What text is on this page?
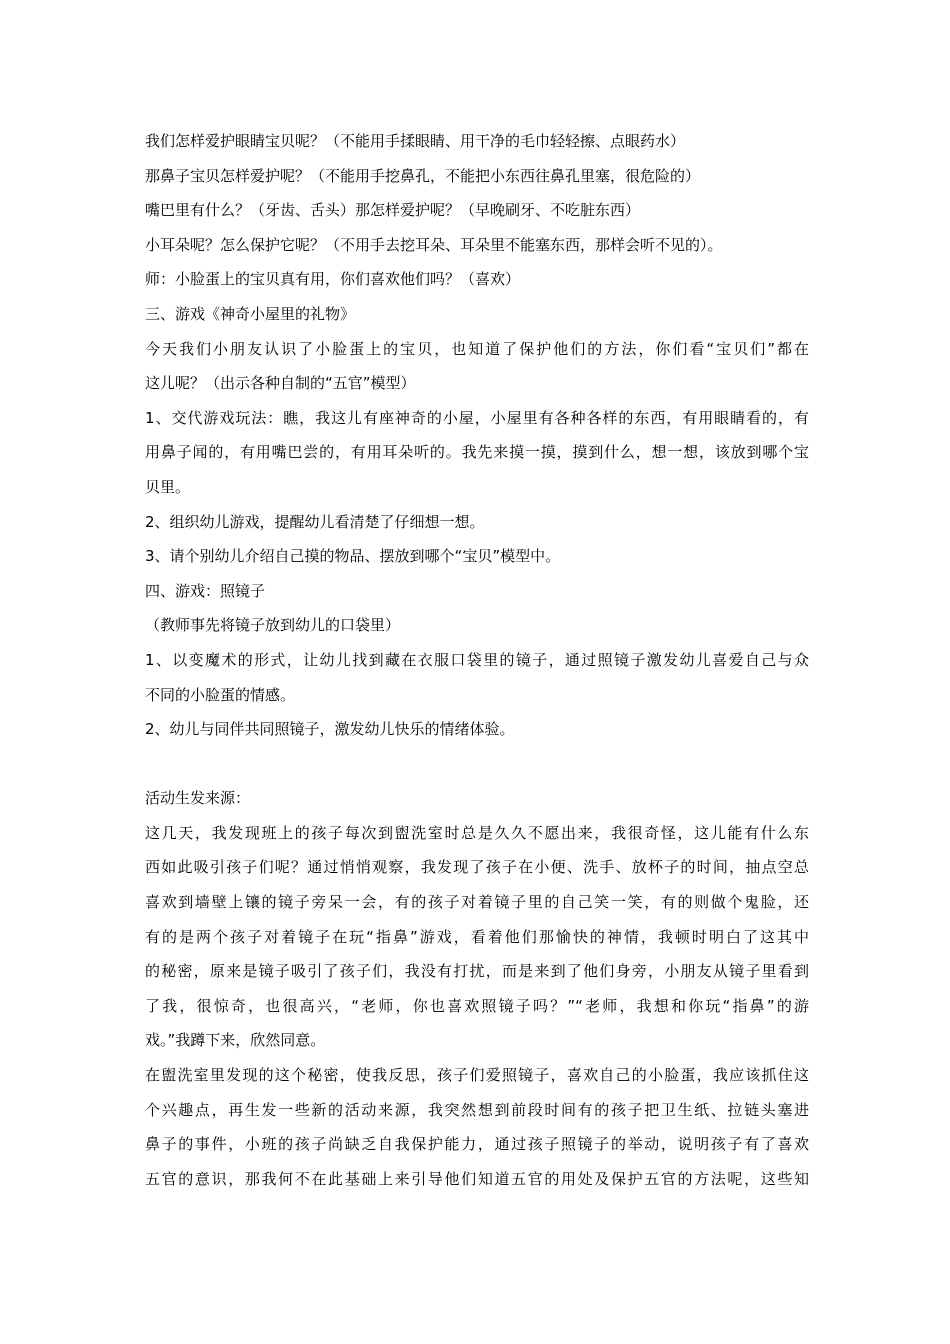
我们怎样爱护眼睛宝贝呢？（不能用手揉眼睛、用干净的毛巾轻轻擦、点眼药水）
那鼻子宝贝怎样爱护呢？（不能用手挖鼻孔，不能把小东西往鼻孔里塞，很危险的）
嘴巴里有什么？（牙齿、舌头）那怎样爱护呢？（早晚刷牙、不吃脏东西）
小耳朵呢？怎么保护它呢？（不用手去挖耳朵、耳朵里不能塞东西，那样会听不见的）。
师：小脸蛋上的宝贝真有用，你们喜欢他们吗？（喜欢）
三、游戏《神奇小屋里的礼物》
今天我们小朋友认识了小脸蛋上的宝贝，也知道了保护他们的方法，你们看“宝贝们”都在
这儿呢？（出示各种自制的“五官”模型）
1、交代游戏玩法：瞧，我这儿有座神奇的小屋，小屋里有各种各样的东西，有用眼睛看的，有
用鼻子闻的，有用嘴巴尝的，有用耳朵听的。我先来摸一摸，摸到什么，想一想，该放到哪个宝
贝里。
2、组织幼儿游戏，提醒幼儿看清楚了仔细想一想。
3、请个别幼儿介绍自己摸的物品、摆放到哪个“宝贝”模型中。
四、游戏：照镜子
（教师事先将镜子放到幼儿的口袋里）
1、以变魔术的形式，让幼儿找到藏在衣服口袋里的镜子，通过照镜子激发幼儿喜爱自己与众
不同的小脸蛋的情感。
2、幼儿与同伴共同照镜子，激发幼儿快乐的情绪体验。
活动生发来源：
这几天，我发现班上的孩子每次到盥洗室时总是久久不愿出来，我很奇怪，这儿能有什么东
西如此吸引孩子们呢？通过悄悄观察，我发现了孩子在小便、洗手、放杯子的时间，抽点空总
喜欢到墙壁上镶的镜子旁呆一会，有的孩子对着镜子里的自己笑一笑，有的则做个鬼脸，还
有的是两个孩子对着镜子在玩“指鼻”游戏，看着他们那愉快的神情，我顿时明白了这其中
的秘密，原来是镜子吸引了孩子们，我没有打扰，而是来到了他们身旁，小朋友从镜子里看到
了我，很惊奇，也很高兴，“老师，你也喜欢照镜子吗？”“老师，我想和你玩“指鼻”的游
戏。”我蹲下来，欣然同意。
在盥洗室里发现的这个秘密，使我反思，孩子们爱照镜子，喜欢自己的小脸蛋，我应该抓住这
个兴趣点，再生发一些新的活动来源，我突然想到前段时间有的孩子把卫生纸、拉链头塞进
鼻子的事件，小班的孩子尚缺乏自我保护能力，通过孩子照镜子的举动，说明孩子有了喜欢
五官的意识，那我何不在此基础上来引导他们知道五官的用处及保护五官的方法呢，这些知
